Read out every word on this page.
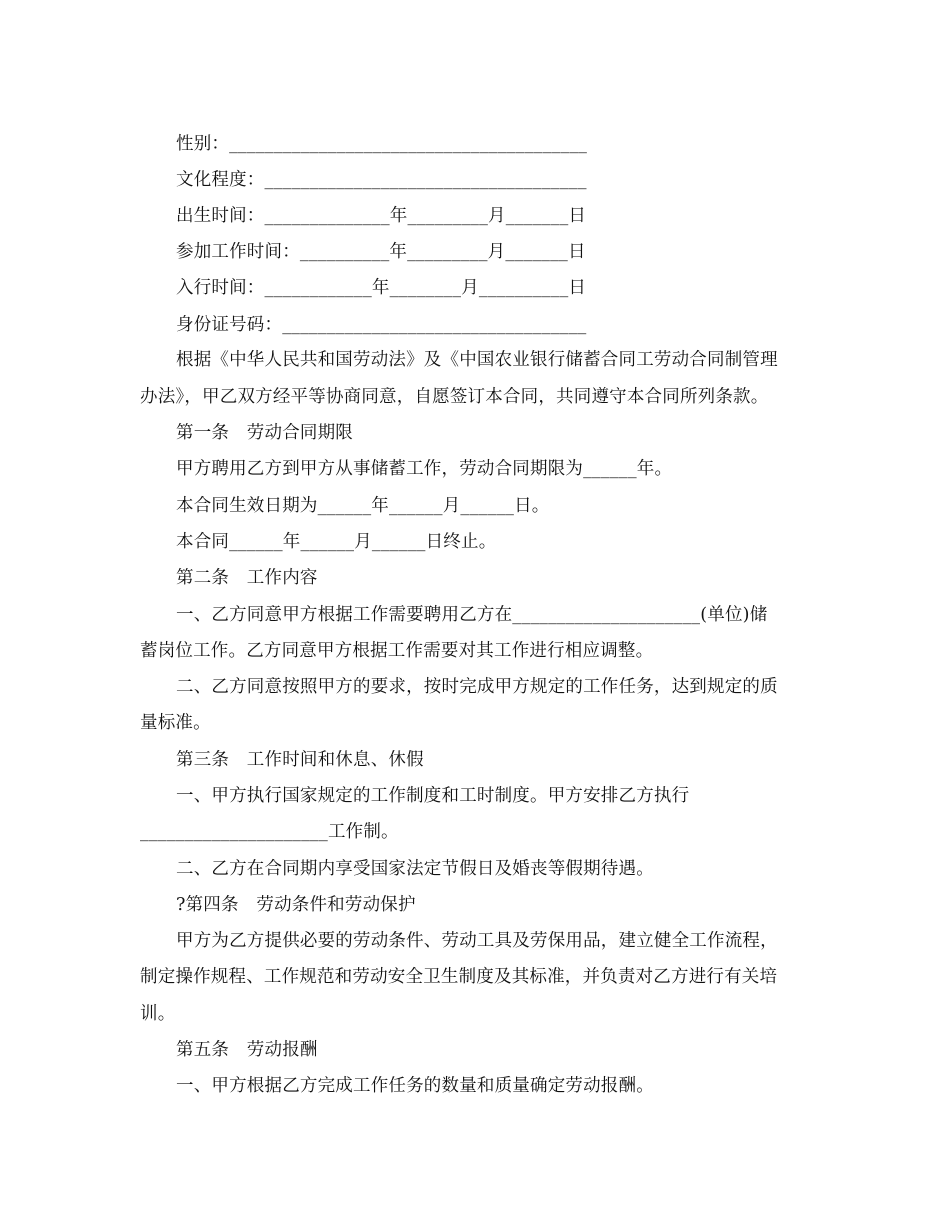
性别：________________________________________
文化程度：____________________________________
出生时间：______________年_________月_______日
参加工作时间：__________年_________月_______日
入行时间：____________年________月__________日
身份证号码：__________________________________
根据《中华人民共和国劳动法》及《中国农业银行储蓄合同工劳动合同制管理
办法》，甲乙双方经平等协商同意，自愿签订本合同，共同遵守本合同所列条款。
第一条　劳动合同期限
甲方聘用乙方到甲方从事储蓄工作，劳动合同期限为______年。
本合同生效日期为______年______月______日。
本合同______年______月______日终止。
第二条　工作内容
一、乙方同意甲方根据工作需要聘用乙方在_____________________(单位)储
蓄岗位工作。乙方同意甲方根据工作需要对其工作进行相应调整。
二、乙方同意按照甲方的要求，按时完成甲方规定的工作任务，达到规定的质
量标准。
第三条　工作时间和休息、休假
一、甲方执行国家规定的工作制度和工时制度。甲方安排乙方执行
_____________________工作制。
二、乙方在合同期内享受国家法定节假日及婚丧等假期待遇。
?第四条　劳动条件和劳动保护
甲方为乙方提供必要的劳动条件、劳动工具及劳保用品，建立健全工作流程，
制定操作规程、工作规范和劳动安全卫生制度及其标准，并负责对乙方进行有关培
训。
第五条　劳动报酬
一、甲方根据乙方完成工作任务的数量和质量确定劳动报酬。
